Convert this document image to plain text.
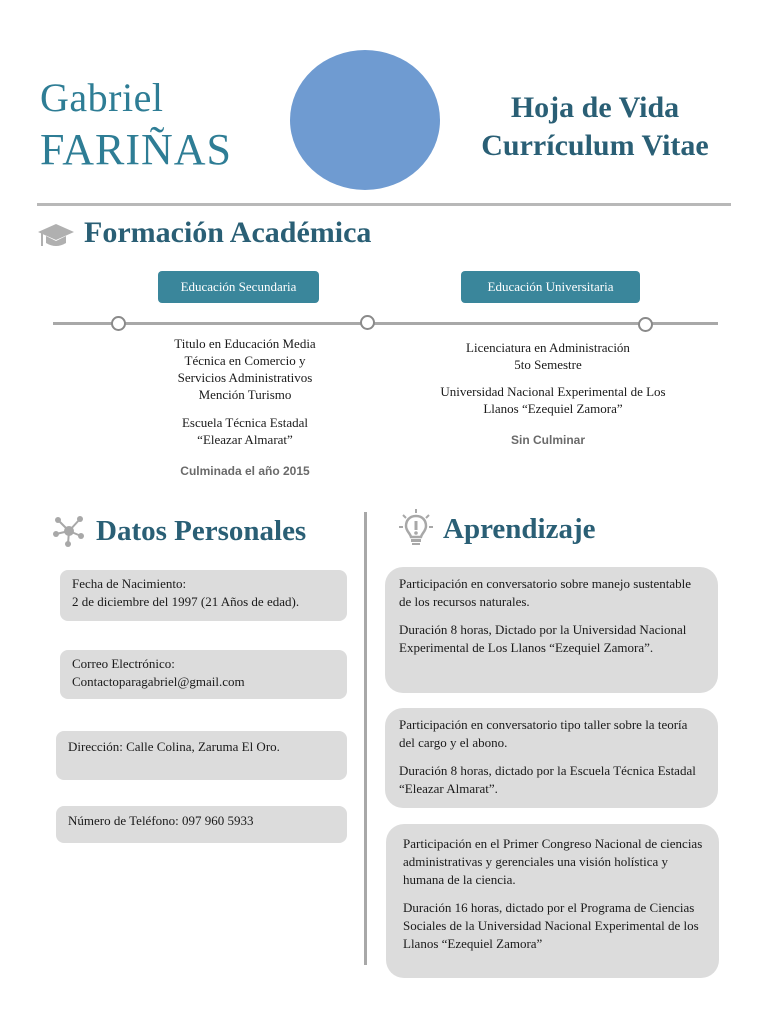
Gabriel
FARIÑAS
Hoja de Vida
Currículum Vitae
Formación Académica
Educación Secundaria	Educación Universitaria
Titulo en Educación Media
Técnica en Comercio y
Servicios Administrativos
Mención Turismo
Escuela Técnica Estadal
“Eleazar Almarat”
Culminada el año 2015
Licenciatura en Administración
5to Semestre
Universidad Nacional Experimental de Los
Llanos “Ezequiel Zamora”
Sin Culminar
Datos Personales
Fecha de Nacimiento:
2 de diciembre del 1997 (21 Años de edad).
Correo Electrónico:
Contactoparagabriel@gmail.com
Dirección: Calle Colina, Zaruma El Oro.
Número de Teléfono: 097 960 5933
Aprendizaje

Participación en conversatorio sobre manejo sustentable de los recursos naturales.

Duración 8 horas, Dictado por la Universidad Nacional Experimental de Los Llanos “Ezequiel Zamora”.

Participación en conversatorio tipo taller sobre la teoría del cargo y el abono.

Duración 8 horas, dictado por la Escuela Técnica Estadal “Eleazar Almarat”.

Participación en el Primer Congreso Nacional de ciencias administrativas y gerenciales una visión holística y humana de la ciencia.

Duración 16 horas, dictado por el Programa de Ciencias Sociales de la Universidad Nacional Experimental de los Llanos “Ezequiel Zamora”
